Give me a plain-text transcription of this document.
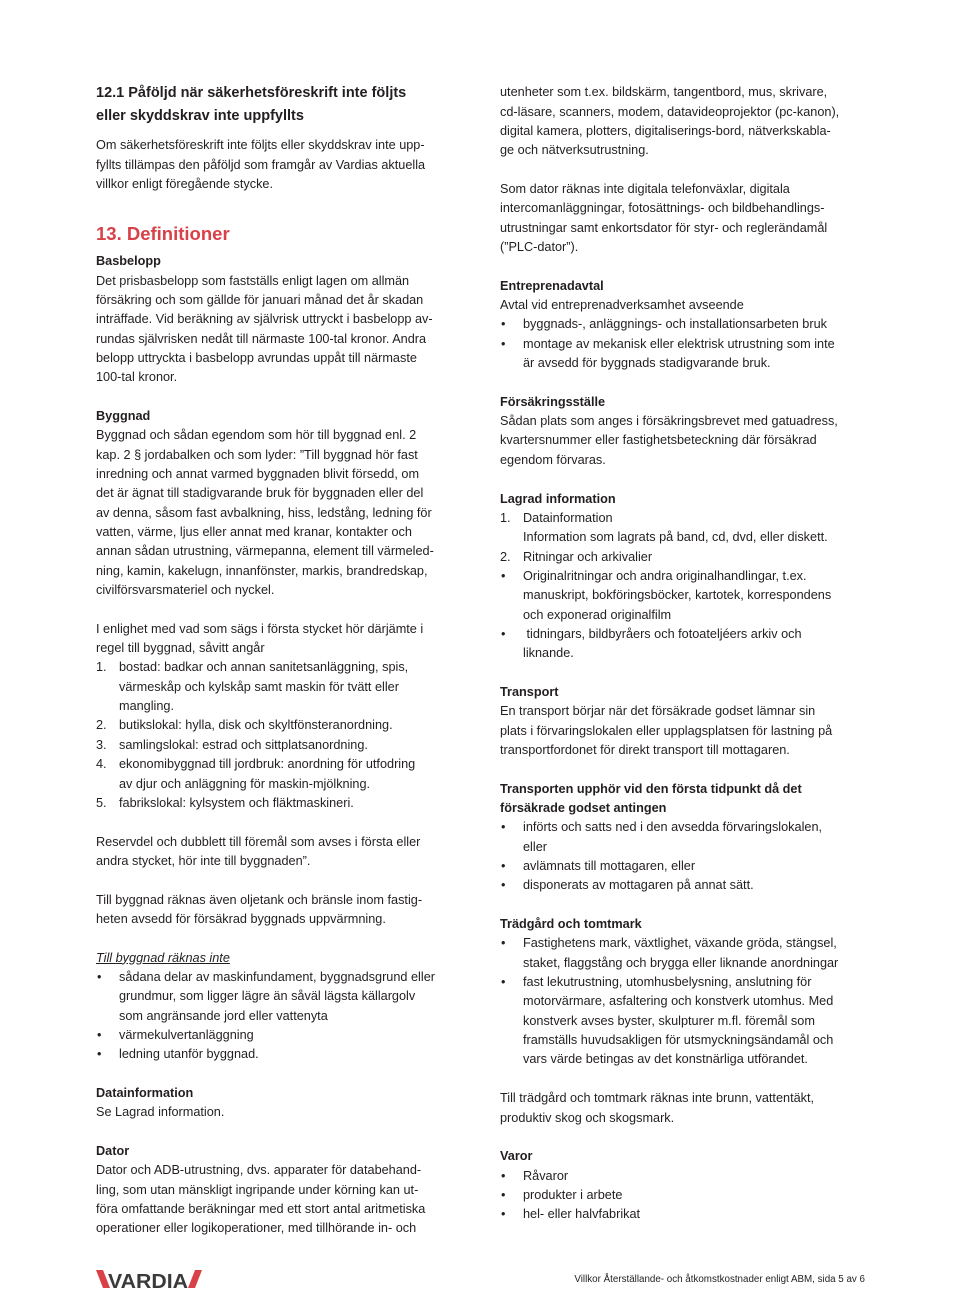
12.1 Påföljd när säkerhetsföreskrift inte följts
eller skyddskrav inte uppfyllts
Om säkerhetsföreskrift inte följts eller skyddskrav inte upp-
fyllts tillämpas den påföljd som framgår av Vardias aktuella
villkor enligt föregående stycke.
13. Definitioner
Basbelopp
Det prisbasbelopp som fastställs enligt lagen om allmän
försäkring och som gällde för januari månad det år skadan
inträffade. Vid beräkning av självrisk uttryckt i basbelopp av-
rundas självrisken nedåt till närmaste 100-tal kronor. Andra
belopp uttryckta i basbelopp avrundas uppåt till närmaste
100-tal kronor.
Byggnad
Byggnad och sådan egendom som hör till byggnad enl. 2
kap. 2 § jordabalken och som lyder: ”Till byggnad hör fast
inredning och annat varmed byggnaden blivit försedd, om
det är ägnat till stadigvarande bruk för byggnaden eller del
av denna, såsom fast avbalkning, hiss, ledstång, ledning för
vatten, värme, ljus eller annat med kranar, kontakter och
annan sådan utrustning, värmepanna, element till värmeled-
ning, kamin, kakelugn, innanfönster, markis, brandredskap,
civilförsvarsmateriel och nyckel.
I enlighet med vad som sägs i första stycket hör därjämte i
regel till byggnad, såvitt angår
1. bostad: badkar och annan sanitetsanläggning, spis,
värmeskåp och kylskåp samt maskin för tvätt eller
mangling.
2. butikslokal: hylla, disk och skyltfönsteranordning.
3. samlingslokal: estrad och sittplatsanordning.
4. ekonomibyggnad till jordbruk: anordning för utfodring
av djur och anläggning för maskin-mjölkning.
5. fabrikslokal: kylsystem och fläktmaskineri.
Reservdel och dubblett till föremål som avses i första eller
andra stycket, hör inte till byggnaden”.
Till byggnad räknas även oljetank och bränsle inom fastig-
heten avsedd för försäkrad byggnads uppvärmning.
Till byggnad räknas inte
•
sådana delar av maskinfundament, byggnadsgrund eller
grundmur, som ligger lägre än såväl lägsta källargolv
som angränsande jord eller vattenyta
•
värmekulvertanläggning
•
ledning utanför byggnad.
Datainformation
Se Lagrad information.
Dator
Dator och ADB-utrustning, dvs. apparater för databehand-
ling, som utan mänskligt ingripande under körning kan ut-
föra omfattande beräkningar med ett stort antal aritmetiska
operationer eller logikoperationer, med tillhörande in- och
utenheter som t.ex. bildskärm, tangentbord, mus, skrivare,
cd-läsare, scanners, modem, datavideoprojektor (pc-kanon),
digital kamera, plotters, digitaliserings-bord, nätverkskabla-
ge och nätverksutrustning.
Som dator räknas inte digitala telefonväxlar, digitala
intercomanläggningar, fotosättnings- och bildbehandlings-
utrustningar samt enkortsdator för styr- och reglerändamål
(”PLC-dator”).
Entreprenadavtal
Avtal vid entreprenadverksamhet avseende
•
byggnads-, anläggnings- och installationsarbeten bruk
•
montage av mekanisk eller elektrisk utrustning som inte
är avsedd för byggnads stadigvarande bruk.
Försäkringsställe
Sådan plats som anges i försäkringsbrevet med gatuadress,
kvartersnummer eller fastighetsbeteckning där försäkrad
egendom förvaras.
Lagrad information
1. Datainformation
Information som lagrats på band, cd, dvd, eller diskett.
2. Ritningar och arkivalier
•
Originalritningar och andra originalhandlingar, t.ex.
manuskript, bokföringsböcker, kartotek, korrespondens
och exponerad originalfilm
•
tidningars, bildbyråers och fotoateljéers arkiv och
liknande.
Transport
En transport börjar när det försäkrade godset lämnar sin
plats i förvaringslokalen eller upplagsplatsen för lastning på
transportfordonet för direkt transport till mottagaren.
Transporten upphör vid den första tidpunkt då det
försäkrade godset antingen
•
införts och satts ned i den avsedda förvaringslokalen,
eller
•
avlämnats till mottagaren, eller
•
disponerats av mottagaren på annat sätt.
Trädgård och tomtmark
•
Fastighetens mark, växtlighet, växande gröda, stängsel,
staket, flaggstång och brygga eller liknande anordningar
•
fast lekutrustning, utomhusbelysning, anslutning för
motorvärmare, asfaltering och konstverk utomhus. Med
konstverk avses byster, skulpturer m.fl. föremål som
framställs huvudsakligen för utsmyckningsändamål och
vars värde betingas av det konstnärliga utförandet.
Till trädgård och tomtmark räknas inte brunn, vattentäkt,
produktiv skog och skogsmark.
Varor
•
Råvaror
•
produkter i arbete
•
hel- eller halvfabrikat
VARDIA	Villkor Återställande- och åtkomstkostnader enligt ABM, sida 5 av 6
